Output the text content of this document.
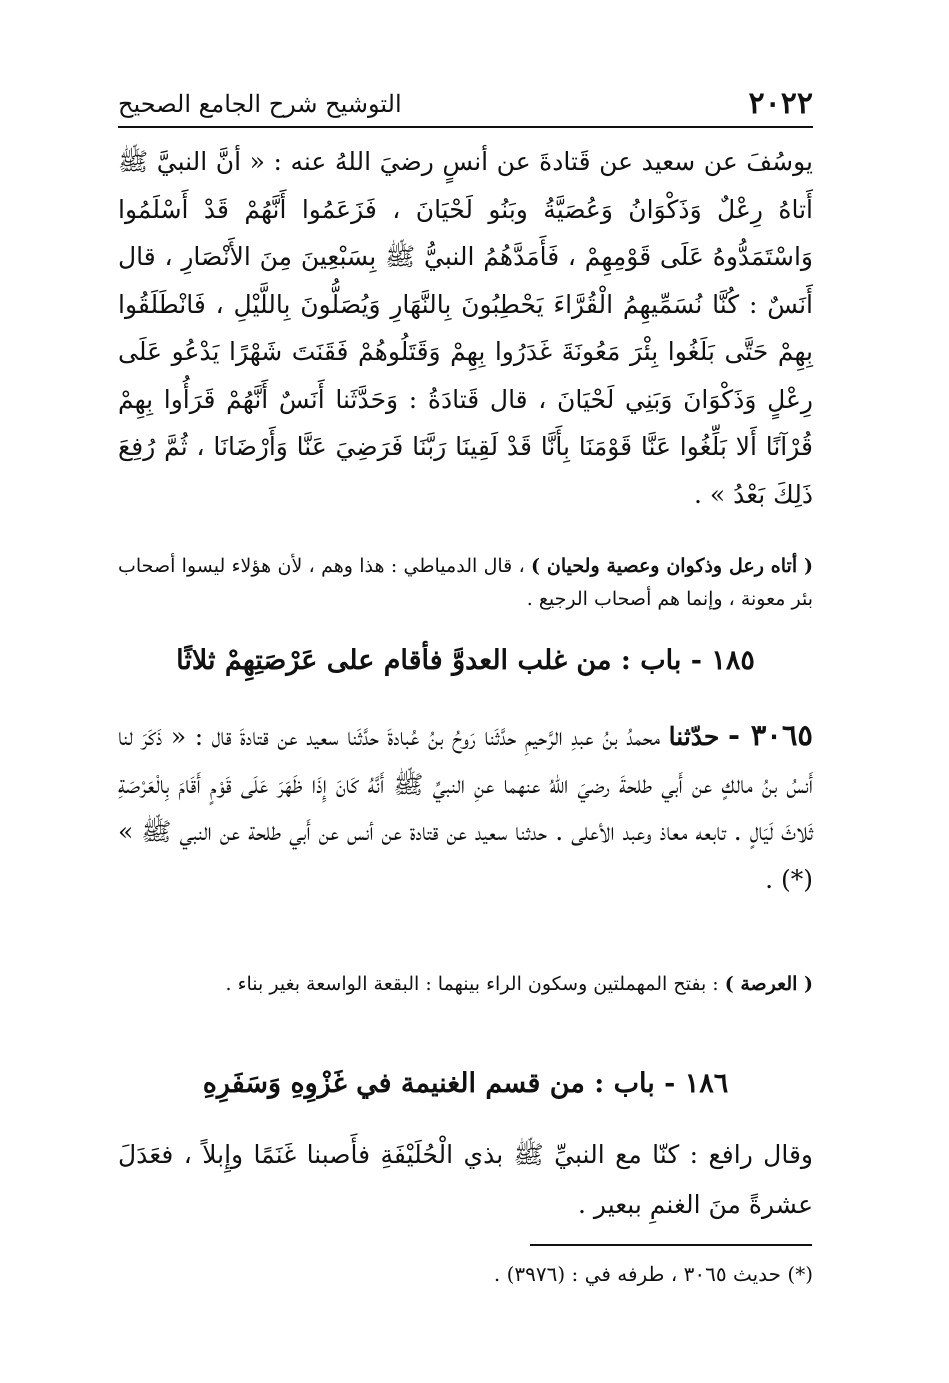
٢٠٢٢
التوشيح شرح الجامع الصحيح
يوسُفَ عن سعيد عن قَتادةَ عن أنسٍ رضيَ اللهُ عنه : « أنَّ النبيَّ ﷺ أَتاهُ رِعْلٌ وَذَكْوَانُ وَعُصَيَّةُ وبَنُو لَحْيَانَ ، فَزَعَمُوا أَنَّهُمْ قَدْ أَسْلَمُوا وَاسْتَمَدُّوهُ عَلَى قَوْمِهِمْ ، فَأَمَدَّهُمُ النبيُّ ﷺ بِسَبْعِينَ مِنَ الأَنْصَارِ ، قال أَنَسٌ : كُنَّا نُسَمِّيهِمُ الْقُرَّاءَ يَحْطِبُونَ بِالنَّهَارِ وَيُصَلُّونَ بِاللَّيْلِ ، فَانْطَلَقُوا بِهِمْ حَتَّى بَلَغُوا بِئْرَ مَعُونَةَ غَدَرُوا بِهِمْ وَقَتَلُوهُمْ فَقَنَتَ شَهْرًا يَدْعُو عَلَى رِعْلٍ وَذَكْوَانَ وَبَنِي لَحْيَانَ ، قال قَتادَةُ : وَحَدَّثَنا أَنَسٌ أَنَّهُمْ قَرَأُوا بِهِمْ قُرْآنًا أَلا بَلِّغُوا عَنَّا قَوْمَنَا بِأَنَّا قَدْ لَقِينَا رَبَّنَا فَرَضِيَ عَنَّا وَأَرْضَانَا ، ثُمَّ رُفِعَ ذَلِكَ بَعْدُ » .
( أتاه رعل وذكوان وعصية ولحيان ) ، قال الدمياطي : هذا وهم ، لأن هؤلاء ليسوا أصحاب بئر معونة ، وإنما هم أصحاب الرجيع .
١٨٥ - باب : من غلب العدوَّ فأقام على عَرْصَتِهِمْ ثلاثًا
٣٠٦٥ - حدّثنا محمدُ بنُ عبدِ الرَّحيمِ حدَّثَنا رَوحُ بنُ عُبادةَ حدَّثَنا سعيد عن قتادةَ قال : « ذَكَرَ لنا أَنسُ بنُ مالكٍ عن أَبي طلحةَ رضيَ اللهُ عنهما عنِ النبيِّ ﷺ أَنَّهُ كَانَ إِذَا ظَهَرَ عَلَى قَوْمٍ أَقَامَ بِالْعَرْصَةِ ثَلاثَ لَيَالٍ . تابعه معاذ وعبد الأعلى . حدثنا سعيد عن قتادة عن أنس عن أَبي طلحة عن النبي ﷺ » (*) .
( العرصة ) : بفتح المهملتين وسكون الراء بينهما : البقعة الواسعة بغير بناء .
١٨٦ - باب : من قسم الغنيمة في غَزْوِهِ وَسَفَرِهِ
وقال رافع : كنّا مع النبيِّ ﷺ بذي الْحُلَيْفَةِ فأَصبنا غَنَمًا وإِبلاً ، فعَدَلَ عشرةً منَ الغنمِ ببعير .
(*) حديث ٣٠٦٥ ، طرفه في : (٣٩٧٦) .
